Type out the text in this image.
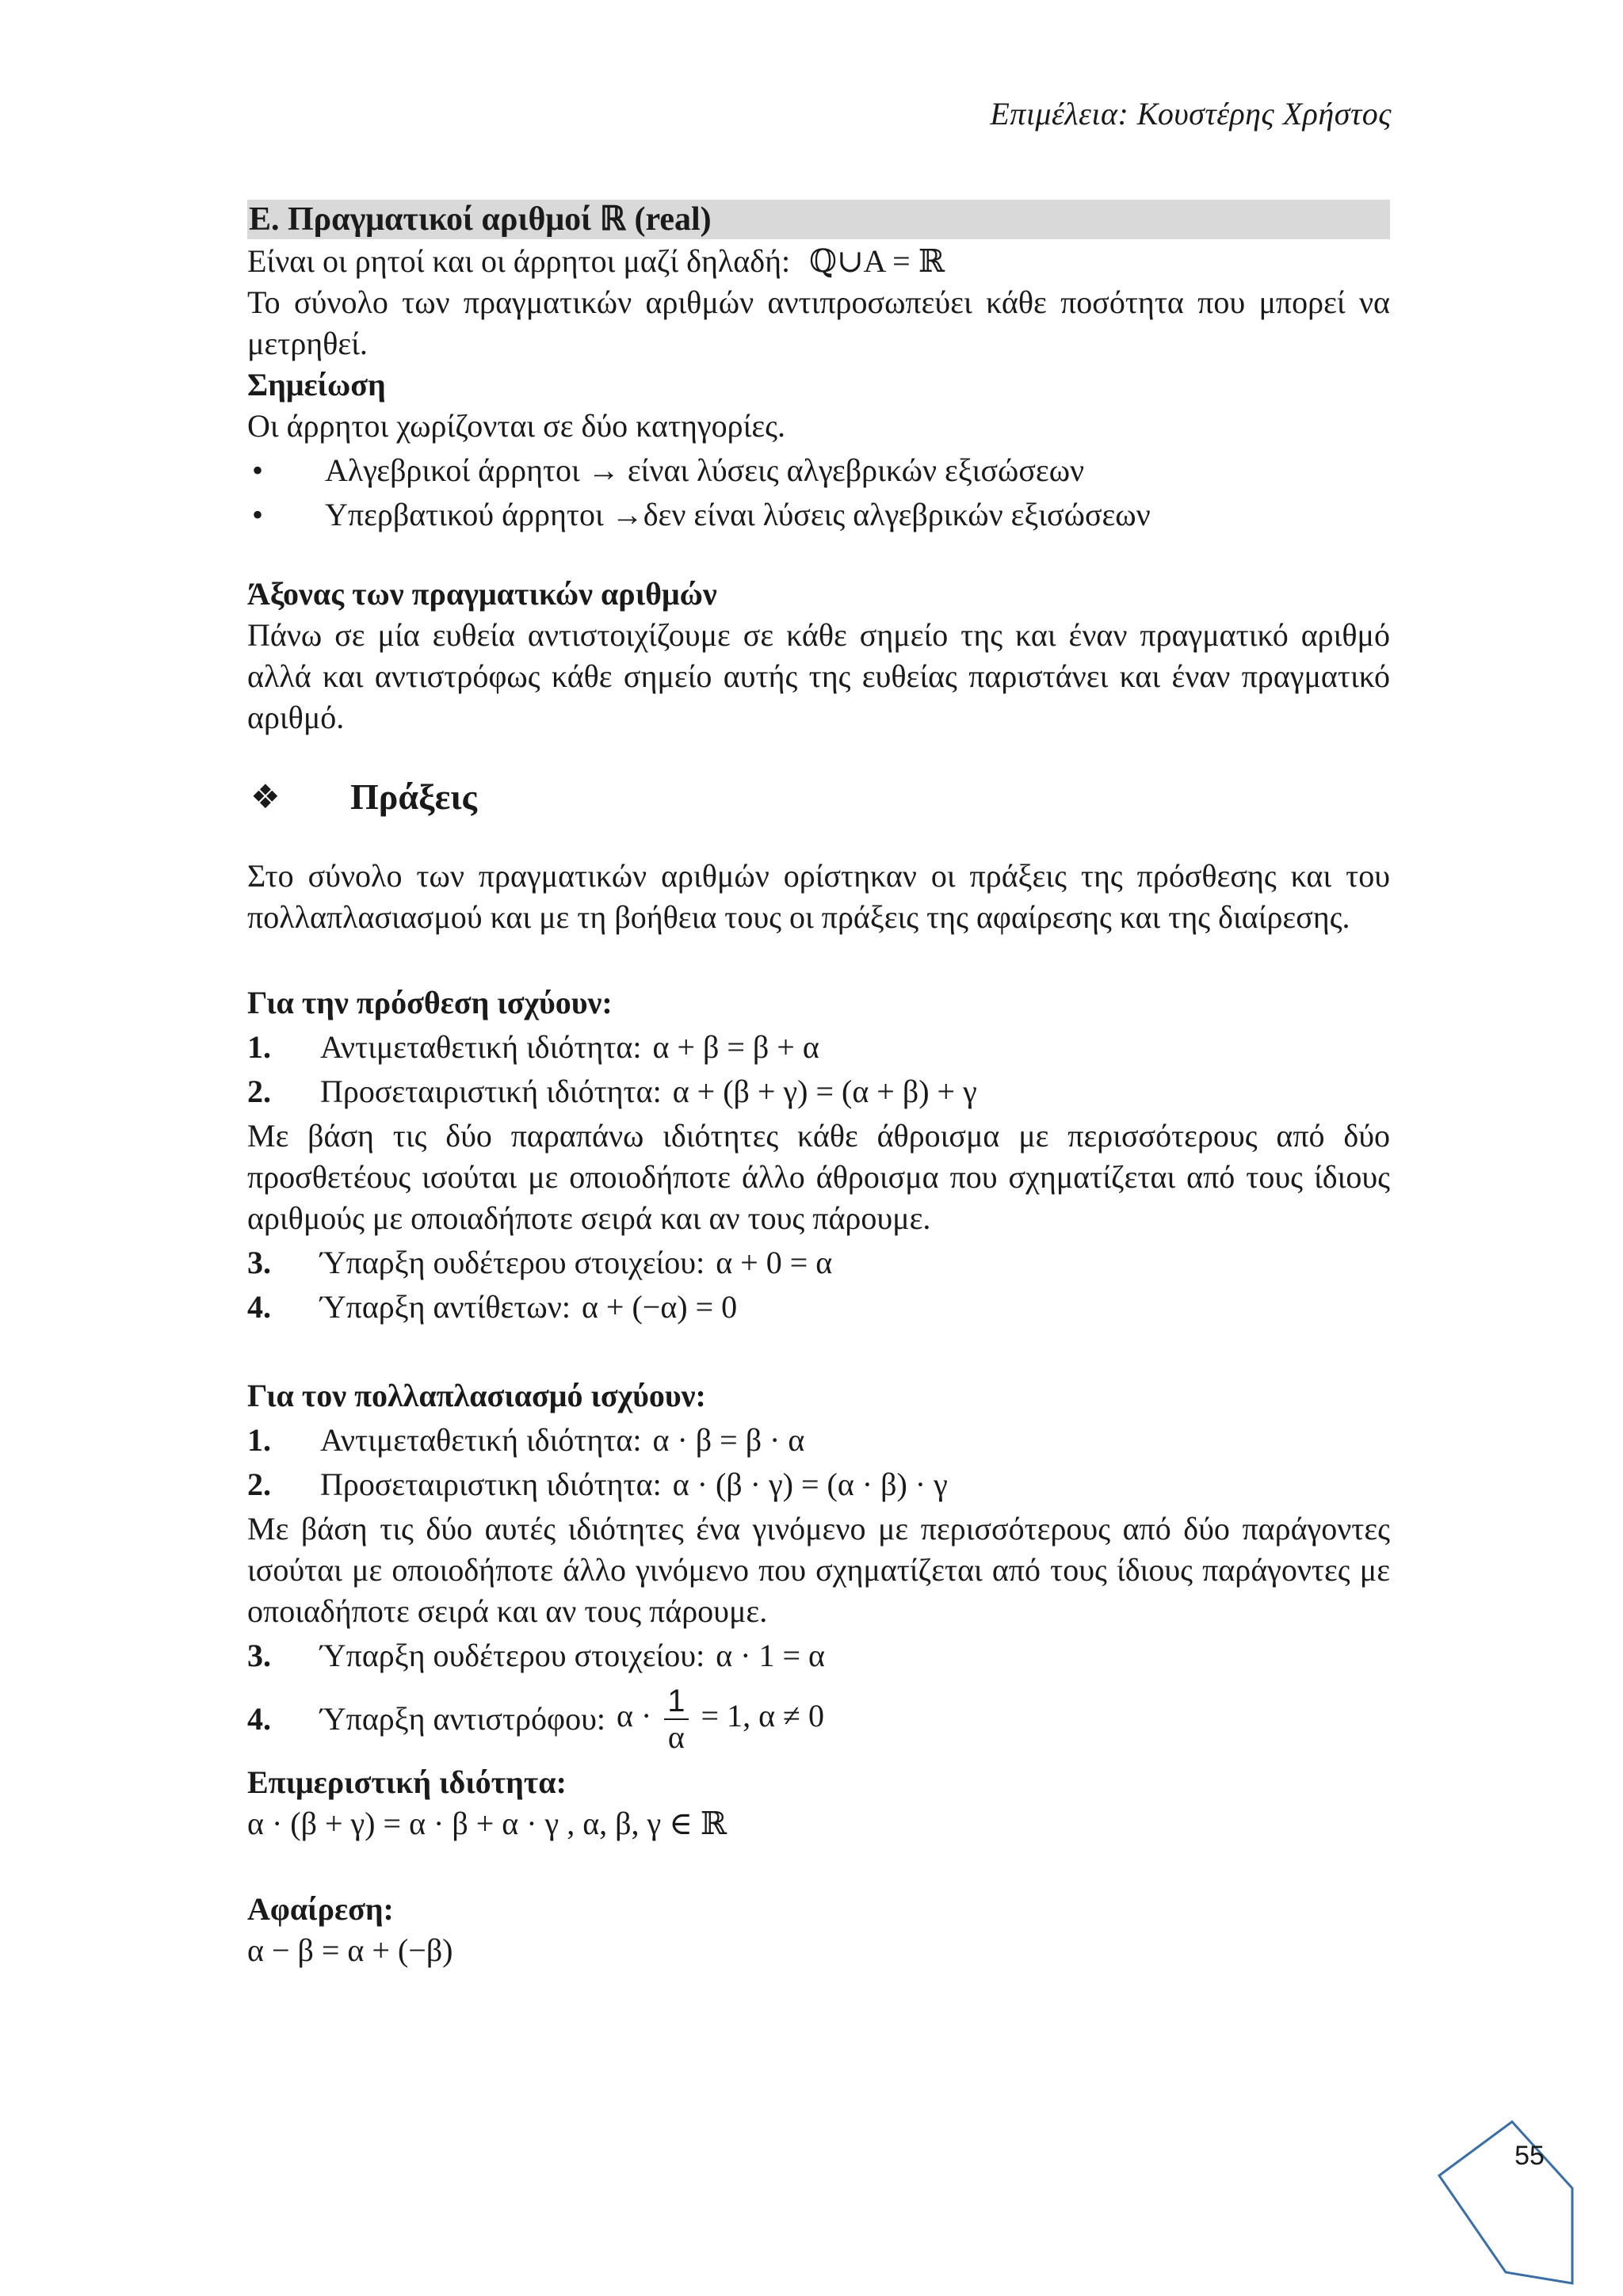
Επιμέλεια: Κουστέρης Χρήστος
Ε. Πραγματικοί αριθμοί ℝ (real)

Είναι οι ρητοί και οι άρρητοι μαζί δηλαδή: ℚ∪Α = ℝ

Το σύνολο των πραγματικών αριθμών αντιπροσωπεύει κάθε ποσότητα που μπορεί να μετρηθεί.

Σημείωση

Οι άρρητοι χωρίζονται σε δύο κατηγορίες.

•	Αλγεβρικοί άρρητοι → είναι λύσεις αλγεβρικών εξισώσεων
•	Υπερβατικού άρρητοι →δεν είναι λύσεις αλγεβρικών εξισώσεων

Άξονας των πραγματικών αριθμών

Πάνω σε μία ευθεία αντιστοιχίζουμε σε κάθε σημείο της και έναν πραγματικό αριθμό αλλά και αντιστρόφως κάθε σημείο αυτής της ευθείας παριστάνει και έναν πραγματικό αριθμό.

❖	Πράξεις

Στο σύνολο των πραγματικών αριθμών ορίστηκαν οι πράξεις της πρόσθεσης και του πολλαπλασιασμού και με τη βοήθεια τους οι πράξεις της αφαίρεσης και της διαίρεσης.

Για την πρόσθεση ισχύουν:

1.	Αντιμεταθετική ιδιότητα: α + β = β + α
2.	Προσεταιριστική ιδιότητα: α + (β + γ) = (α + β) + γ

Με βάση τις δύο παραπάνω ιδιότητες κάθε άθροισμα με περισσότερους από δύο προσθετέους ισούται με οποιοδήποτε άλλο άθροισμα που σχηματίζεται από τους ίδιους αριθμούς με οποιαδήποτε σειρά και αν τους πάρουμε.

3.	Ύπαρξη ουδέτερου στοιχείου: α + 0 = α
4.	Ύπαρξη αντίθετων: α + (−α) = 0

Για τον πολλαπλασιασμό ισχύουν:

1.	Αντιμεταθετική ιδιότητα: α · β = β · α
2.	Προσεταιριστικη ιδιότητα: α · (β · γ) = (α · β) · γ

Με βάση τις δύο αυτές ιδιότητες ένα γινόμενο με περισσότερους από δύο παράγοντες ισούται με οποιοδήποτε άλλο γινόμενο που σχηματίζεται από τους ίδιους παράγοντες με οποιαδήποτε σειρά και αν τους πάρουμε.

3.	Ύπαρξη ουδέτερου στοιχείου: α · 1 = α
4.	Ύπαρξη αντιστρόφου: $\alpha \cdot \frac{1}{\alpha} = 1$, α ≠ 0

Επιμεριστική ιδιότητα:

α · (β + γ) = α · β + α · γ , α, β, γ ∈ ℝ

Αφαίρεση:

α − β = α + (−β)

55
